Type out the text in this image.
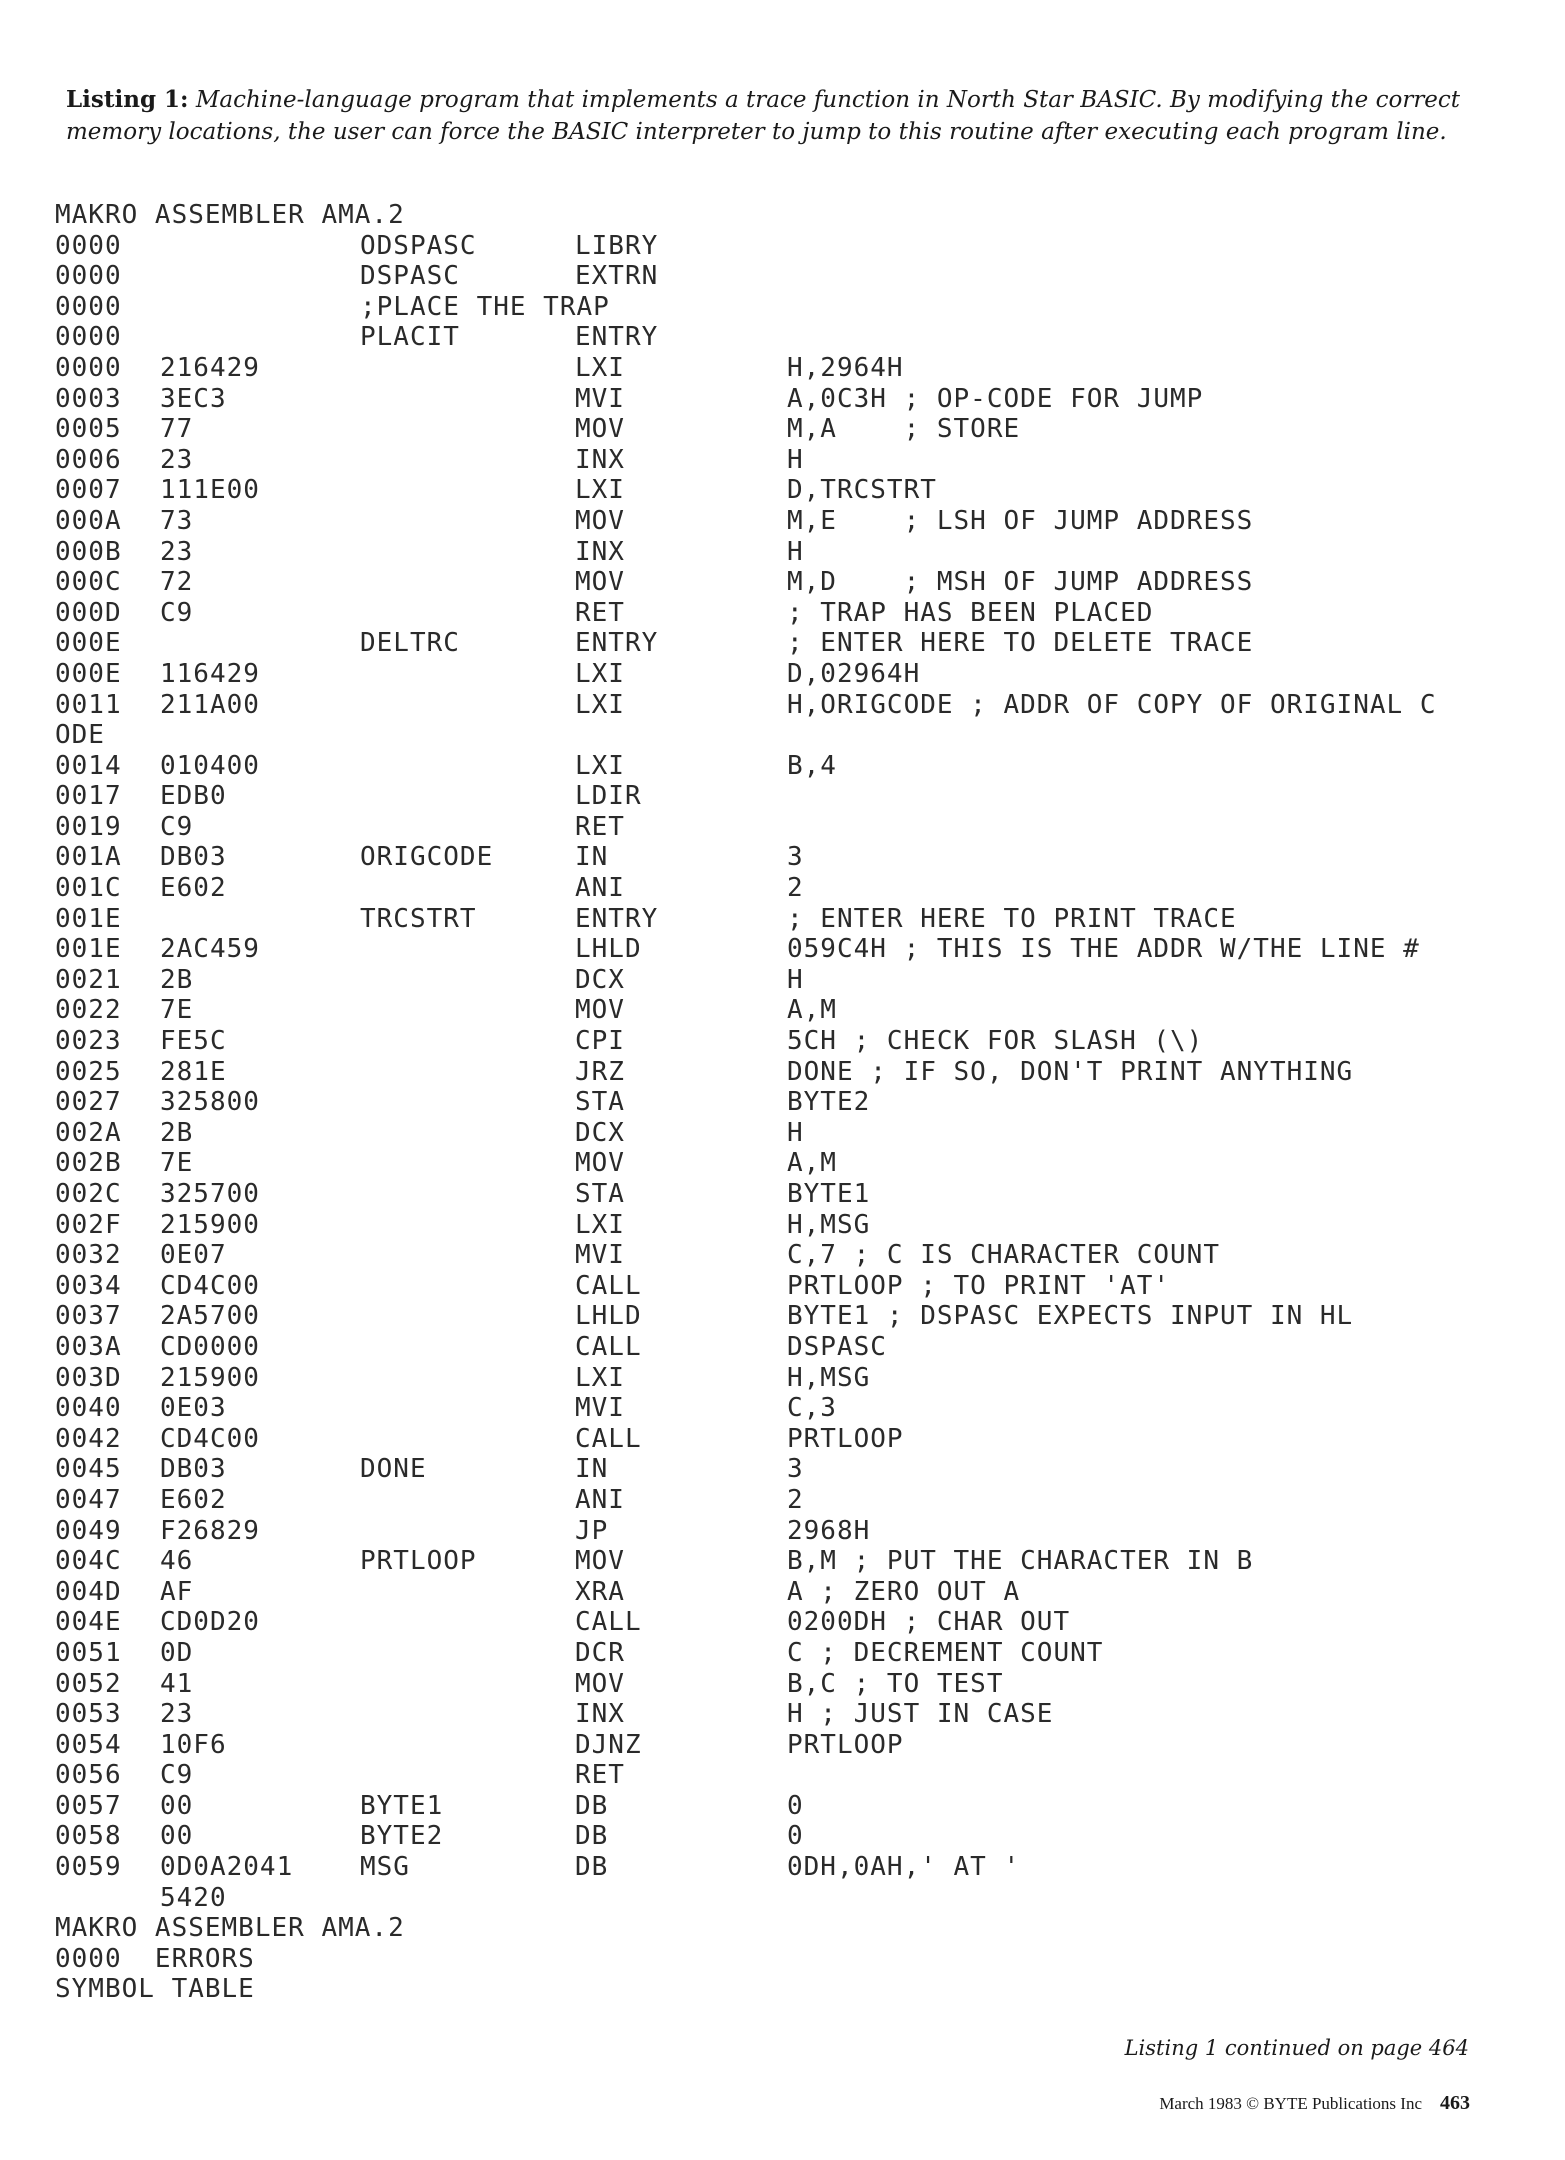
Listing 1: Machine-language program that implements a trace function in North Star BASIC. By modifying the correct memory locations, the user can force the BASIC interpreter to jump to this routine after executing each program line.

MAKRO ASSEMBLER AMA.2

0000	ODSPASC	LIBRY
0000	DSPASC	EXTRN
0000	;PLACE THE TRAP
0000	PLACIT	ENTRY
0000 216429	LXI	H,2964H
0003 3EC3	MVI	A,0C3H ; OP-CODE FOR JUMP
0005 77	MOV	M,A    ; STORE
0006 23	INX	H
0007 111E00	LXI	D,TRCSTRT
000A 73	MOV	M,E    ; LSH OF JUMP ADDRESS
000B 23	INX	H
000C 72	MOV	M,D    ; MSH OF JUMP ADDRESS
000D C9	RET	; TRAP HAS BEEN PLACED
000E	DELTRC	ENTRY	; ENTER HERE TO DELETE TRACE
000E 116429	LXI	D,02964H
0011 211A00	LXI	H,ORIGCODE ; ADDR OF COPY OF ORIGINAL C
ODE
0014 010400	LXI	B,4
0017 EDB0	LDIR
0019 C9	RET
001A DB03	ORIGCODE	IN	3
001C E602	ANI	2
001E	TRCSTRT	ENTRY	; ENTER HERE TO PRINT TRACE
001E 2AC459	LHLD	059C4H ; THIS IS THE ADDR W/THE LINE #
0021 2B	DCX	H
0022 7E	MOV	A,M
0023 FE5C	CPI	5CH ; CHECK FOR SLASH (\)
0025 281E	JRZ	DONE ; IF SO, DON'T PRINT ANYTHING
0027 325800	STA	BYTE2
002A 2B	DCX	H
002B 7E	MOV	A,M
002C 325700	STA	BYTE1
002F 215900	LXI	H,MSG
0032 0E07	MVI	C,7 ; C IS CHARACTER COUNT
0034 CD4C00	CALL	PRTLOOP ; TO PRINT 'AT'
0037 2A5700	LHLD	BYTE1 ; DSPASC EXPECTS INPUT IN HL
003A CD0000	CALL	DSPASC
003D 215900	LXI	H,MSG
0040 0E03	MVI	C,3
0042 CD4C00	CALL	PRTLOOP
0045 DB03	DONE	IN	3
0047 E602	ANI	2
0049 F26829	JP	2968H
004C 46	PRTLOOP	MOV	B,M ; PUT THE CHARACTER IN B
004D AF	XRA	A ; ZERO OUT A
004E CD0D20	CALL	0200DH ; CHAR OUT
0051 0D	DCR	C ; DECREMENT COUNT
0052 41	MOV	B,C ; TO TEST
0053 23	INX	H ; JUST IN CASE
0054 10F6	DJNZ	PRTLOOP
0056 C9	RET
0057 00	BYTE1	DB	0
0058 00	BYTE2	DB	0
0059 0D0A2041	MSG	DB	0DH,0AH,' AT '
5420
MAKRO ASSEMBLER AMA.2
0000  ERRORS
SYMBOL TABLE
Listing 1 continued on page 464
March 1983 © BYTE Publications Inc 463
